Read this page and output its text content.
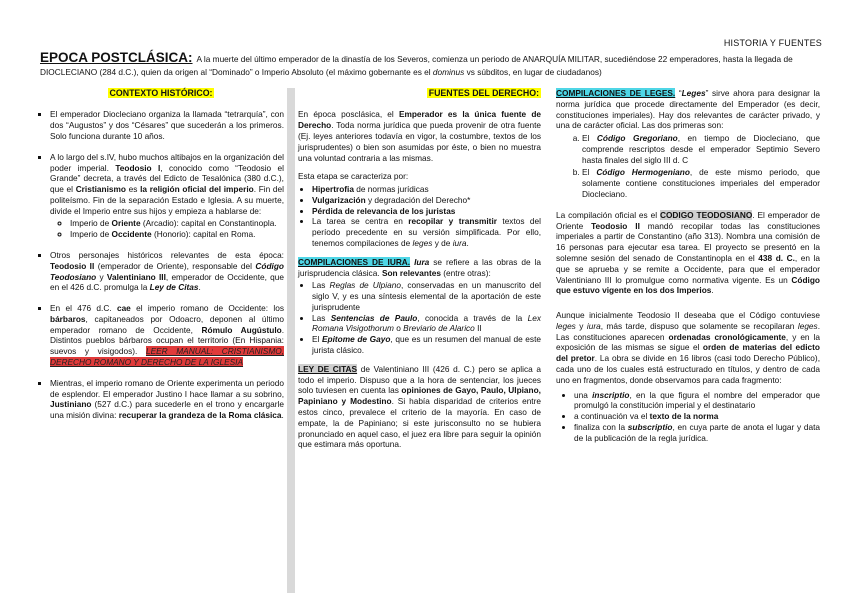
HISTORIA Y FUENTES
EPOCA POSTCLÁSICA: A la muerte del último emperador de la dinastía de los Severos, comienza un periodo de ANARQUÍA MILITAR, sucediéndose 22 emperadores, hasta la llegada de DIOCLECIANO (284 d.C.), quien da origen al “Dominado” o Imperio Absoluto (el máximo gobernante es el dominus vs súbditos, en lugar de ciudadanos)
CONTEXTO HISTÓRICO:
▪ El emperador Diocleciano organiza la llamada “tetrarquía”, con dos “Augustos” y dos “Césares” que sucederán a los primeros. Solo funciona durante 10 años.
▪ A lo largo del s.IV, hubo muchos altibajos en la organización del poder imperial. Teodosio I, conocido como “Teodosio el Grande” decreta, a través del Edicto de Tesalónica (380 d.C.), que el Cristianismo es la religión oficial del imperio. Fin del politeísmo. Fin de la separación Estado e Iglesia. A su muerte, divide el Imperio entre sus hijos y empieza a hablarse de:
◦ Imperio de Oriente (Arcadio): capital en Constantinopla.
◦ Imperio de Occidente (Honorio): capital en Roma.
▪ Otros personajes históricos relevantes de esta época: Teodosio II (emperador de Oriente), responsable del Código Teodosiano y Valentiniano III, emperador de Occidente, que en el 426 d.C. promulga la Ley de Citas.
▪ En el 476 d.C. cae el imperio romano de Occidente: los bárbaros, capitaneados por Odoacro, deponen al último emperador romano de Occidente, Rómulo Augústulo. Distintos pueblos bárbaros ocupan el territorio (En Hispania: suevos y visigodos). LEER MANUAL: CRISTIANISMO, DERECHO ROMANO Y DERECHO DE LA IGLESIA
▪ Mientras, el imperio romano de Oriente experimenta un periodo de esplendor. El emperador Justino I hace llamar a su sobrino, Justiniano (527 d.C.) para sucederle en el trono y encargarle una misión divina: recuperar la grandeza de la Roma clásica.
FUENTES DEL DERECHO:

En época posclásica, el Emperador es la única fuente de Derecho. Toda norma jurídica que pueda provenir de otra fuente (Ej. leyes anteriores todavía en vigor, la costumbre, textos de los jurisprudentes) o bien son asumidas por éste, o bien no muestra una voluntad contraria a las mismas.

Esta etapa se caracteriza por:

• Hipertrofia de normas jurídicas
• Vulgarización y degradación del Derecho*
• Pérdida de relevancia de los juristas
• La tarea se centra en recopilar y transmitir textos del período precedente en su versión simplificada. Por ello, tenemos compilaciones de leges y de iura.

COMPILACIONES DE IURA. Iura se refiere a las obras de la jurisprudencia clásica. Son relevantes (entre otras):

• Las Reglas de Ulpiano, conservadas en un manuscrito del siglo V, y es una síntesis elemental de la aportación de este jurisprudente
• Las Sentencias de Paulo, conocida a través de la Lex Romana Visigothorum o Breviario de Alarico II
• El Epitome de Gayo, que es un resumen del manual de este jurista clásico.

LEY DE CITAS de Valentiniano III (426 d. C.) pero se aplica a todo el imperio. Dispuso que a la hora de sentenciar, los jueces solo tuviesen en cuenta las opiniones de Gayo, Paulo, Ulpiano, Papiniano y Modestino. Si había disparidad de criterios entre estos cinco, prevalece el criterio de la mayoría. En caso de empate, la de Papiniano; si este jurisconsulto no se hubiera pronunciado en aquel caso, el juez era libre para seguir la opinión que estimara más oportuna.

COMPILACIONES DE LEGES. “Leges” sirve ahora para designar la norma jurídica que procede directamente del Emperador (es decir, constituciones imperiales). Hay dos relevantes de carácter privado, y una de carácter oficial. Las dos primeras son:

a. El Código Gregoriano, en tiempo de Diocleciano, que comprende rescriptos desde el emperador Septimio Severo hasta finales del siglo III d. C
b. El Código Hermogeniano, de este mismo periodo, que solamente contiene constituciones imperiales del emperador Diocleciano.

La compilación oficial es el CODIGO TEODOSIANO. El emperador de Oriente Teodosio II mandó recopilar todas las constituciones imperiales a partir de Constantino (año 313). Nombra una comisión de 16 personas para ejecutar esa tarea. El proyecto se presentó en la solemne sesión del senado de Constantinopla en el 438 d. C., en la que se aprueba y se remite a Occidente, para que el emperador Valentiniano III lo promulgue como normativa vigente. Es un Código que estuvo vigente en los dos Imperios.

Aunque inicialmente Teodosio II deseaba que el Código contuviese leges y iura, más tarde, dispuso que solamente se recopilaran leges. Las constituciones aparecen ordenadas cronológicamente, y en la exposición de las mismas se sigue el orden de materias del edicto del pretor. La obra se divide en 16 libros (casi todo Derecho Público), cada uno de los cuales está estructurado en títulos, y dentro de cada uno en fragmentos, donde observamos para cada fragmento:

• una inscriptio, en la que figura el nombre del emperador que promulgó la constitución imperial y el destinatario
• a continuación va el texto de la norma
• finaliza con la subscriptio, en cuya parte de anota el lugar y data de la publicación de la regla jurídica.
